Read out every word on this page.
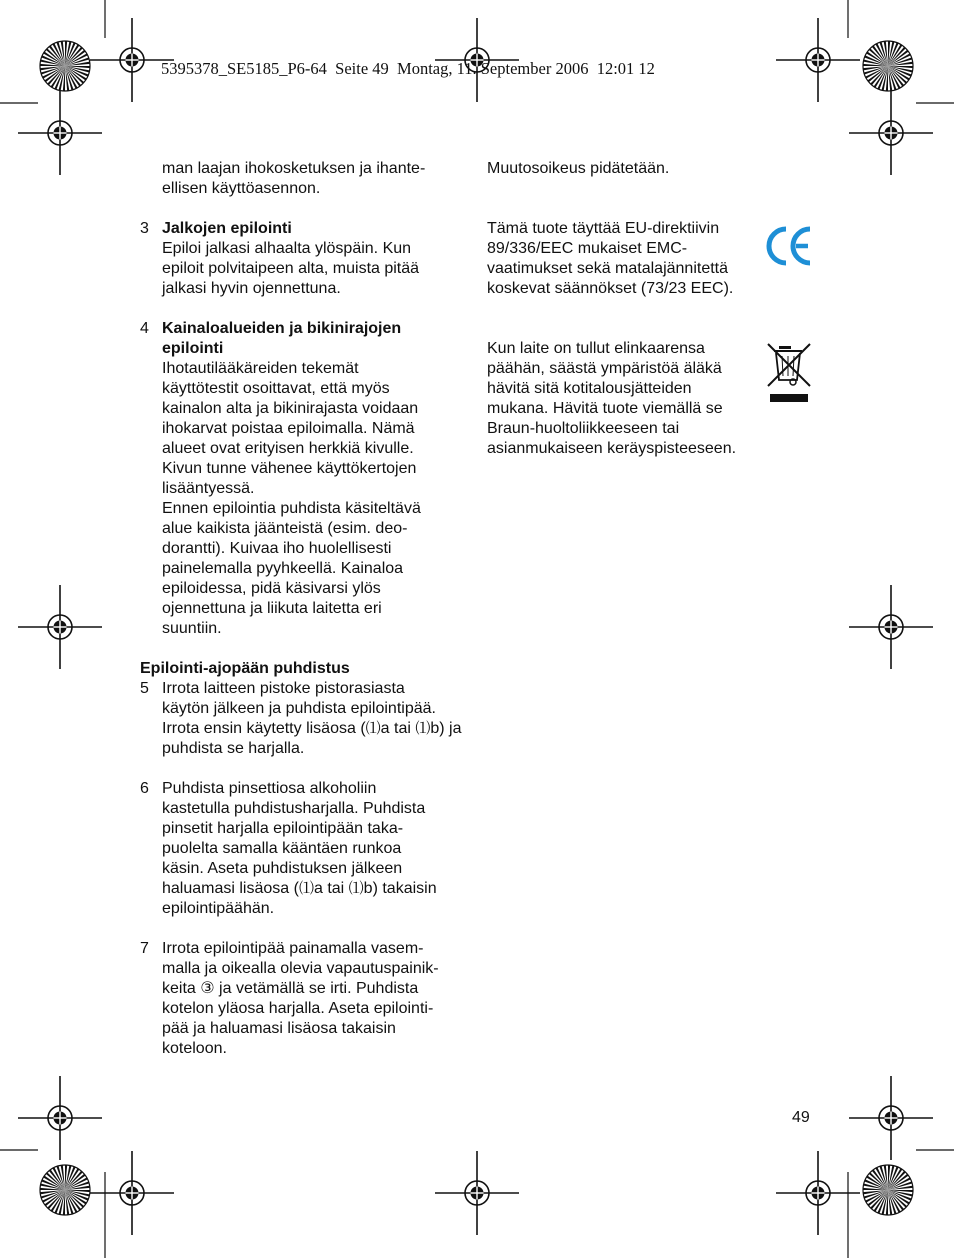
5395378_SE5185_P6-64  Seite 49  Montag, 11. September 2006  12:01 12

man laajan ihokosketuksen ja ihante-
ellisen käyttöasennon.

3 Jalkojen epilointi
Epiloi jalkasi alhaalta ylöspäin. Kun
epiloit polvitaipeen alta, muista pitää
jalkasi hyvin ojennettuna.
4 Kainaloalueiden ja bikinirajojen
epilointi
Ihotautilääkäreiden tekemät
käyttötestit osoittavat, että myös
kainalon alta ja bikinirajasta voidaan
ihokarvat poistaa epiloimalla. Nämä
alueet ovat erityisen herkkiä kivulle.
Kivun tunne vähenee käyttökertojen
lisääntyessä.
Ennen epilointia puhdista käsiteltävä
alue kaikista jäänteistä (esim. deo-
dorantti). Kuivaa iho huolellisesti
painelemalla pyyhkeellä. Kainaloa
epiloidessa, pidä käsivarsi ylös
ojennettuna ja liikuta laitetta eri
suuntiin.

Epilointi-ajopään puhdistus

5 Irrota laitteen pistoke pistorasiasta
käytön jälkeen ja puhdista epilointipää.
Irrota ensin käytetty lisäosa (⑴a tai ⑴b) ja
puhdista se harjalla.
6 Puhdista pinsettiosa alkoholiin
kastetulla puhdistusharjalla. Puhdista
pinsetit harjalla epilointipään taka-
puolelta samalla kääntäen runkoa
käsin. Aseta puhdistuksen jälkeen
haluamasi lisäosa (⑴a tai ⑴b) takaisin
epilointipäähän.
7 Irrota epilointipää painamalla vasem-
malla ja oikealla olevia vapautuspainik-
keita ③ ja vetämällä se irti. Puhdista
kotelon yläosa harjalla. Aseta epilointi-
pää ja haluamasi lisäosa takaisin
koteloon.

Muutosoikeus pidätetään.

Tämä tuote täyttää EU-direktiivin
89/336/EEC mukaiset EMC-
vaatimukset sekä matalajännitettä
koskevat säännökset (73/23 EEC).

Kun laite on tullut elinkaarensa
päähän, säästä ympäristöä äläkä
hävitä sitä kotitalousjätteiden
mukana. Hävitä tuote viemällä se
Braun-huoltoliikkeeseen tai
asianmukaiseen keräyspisteeseen.

49
